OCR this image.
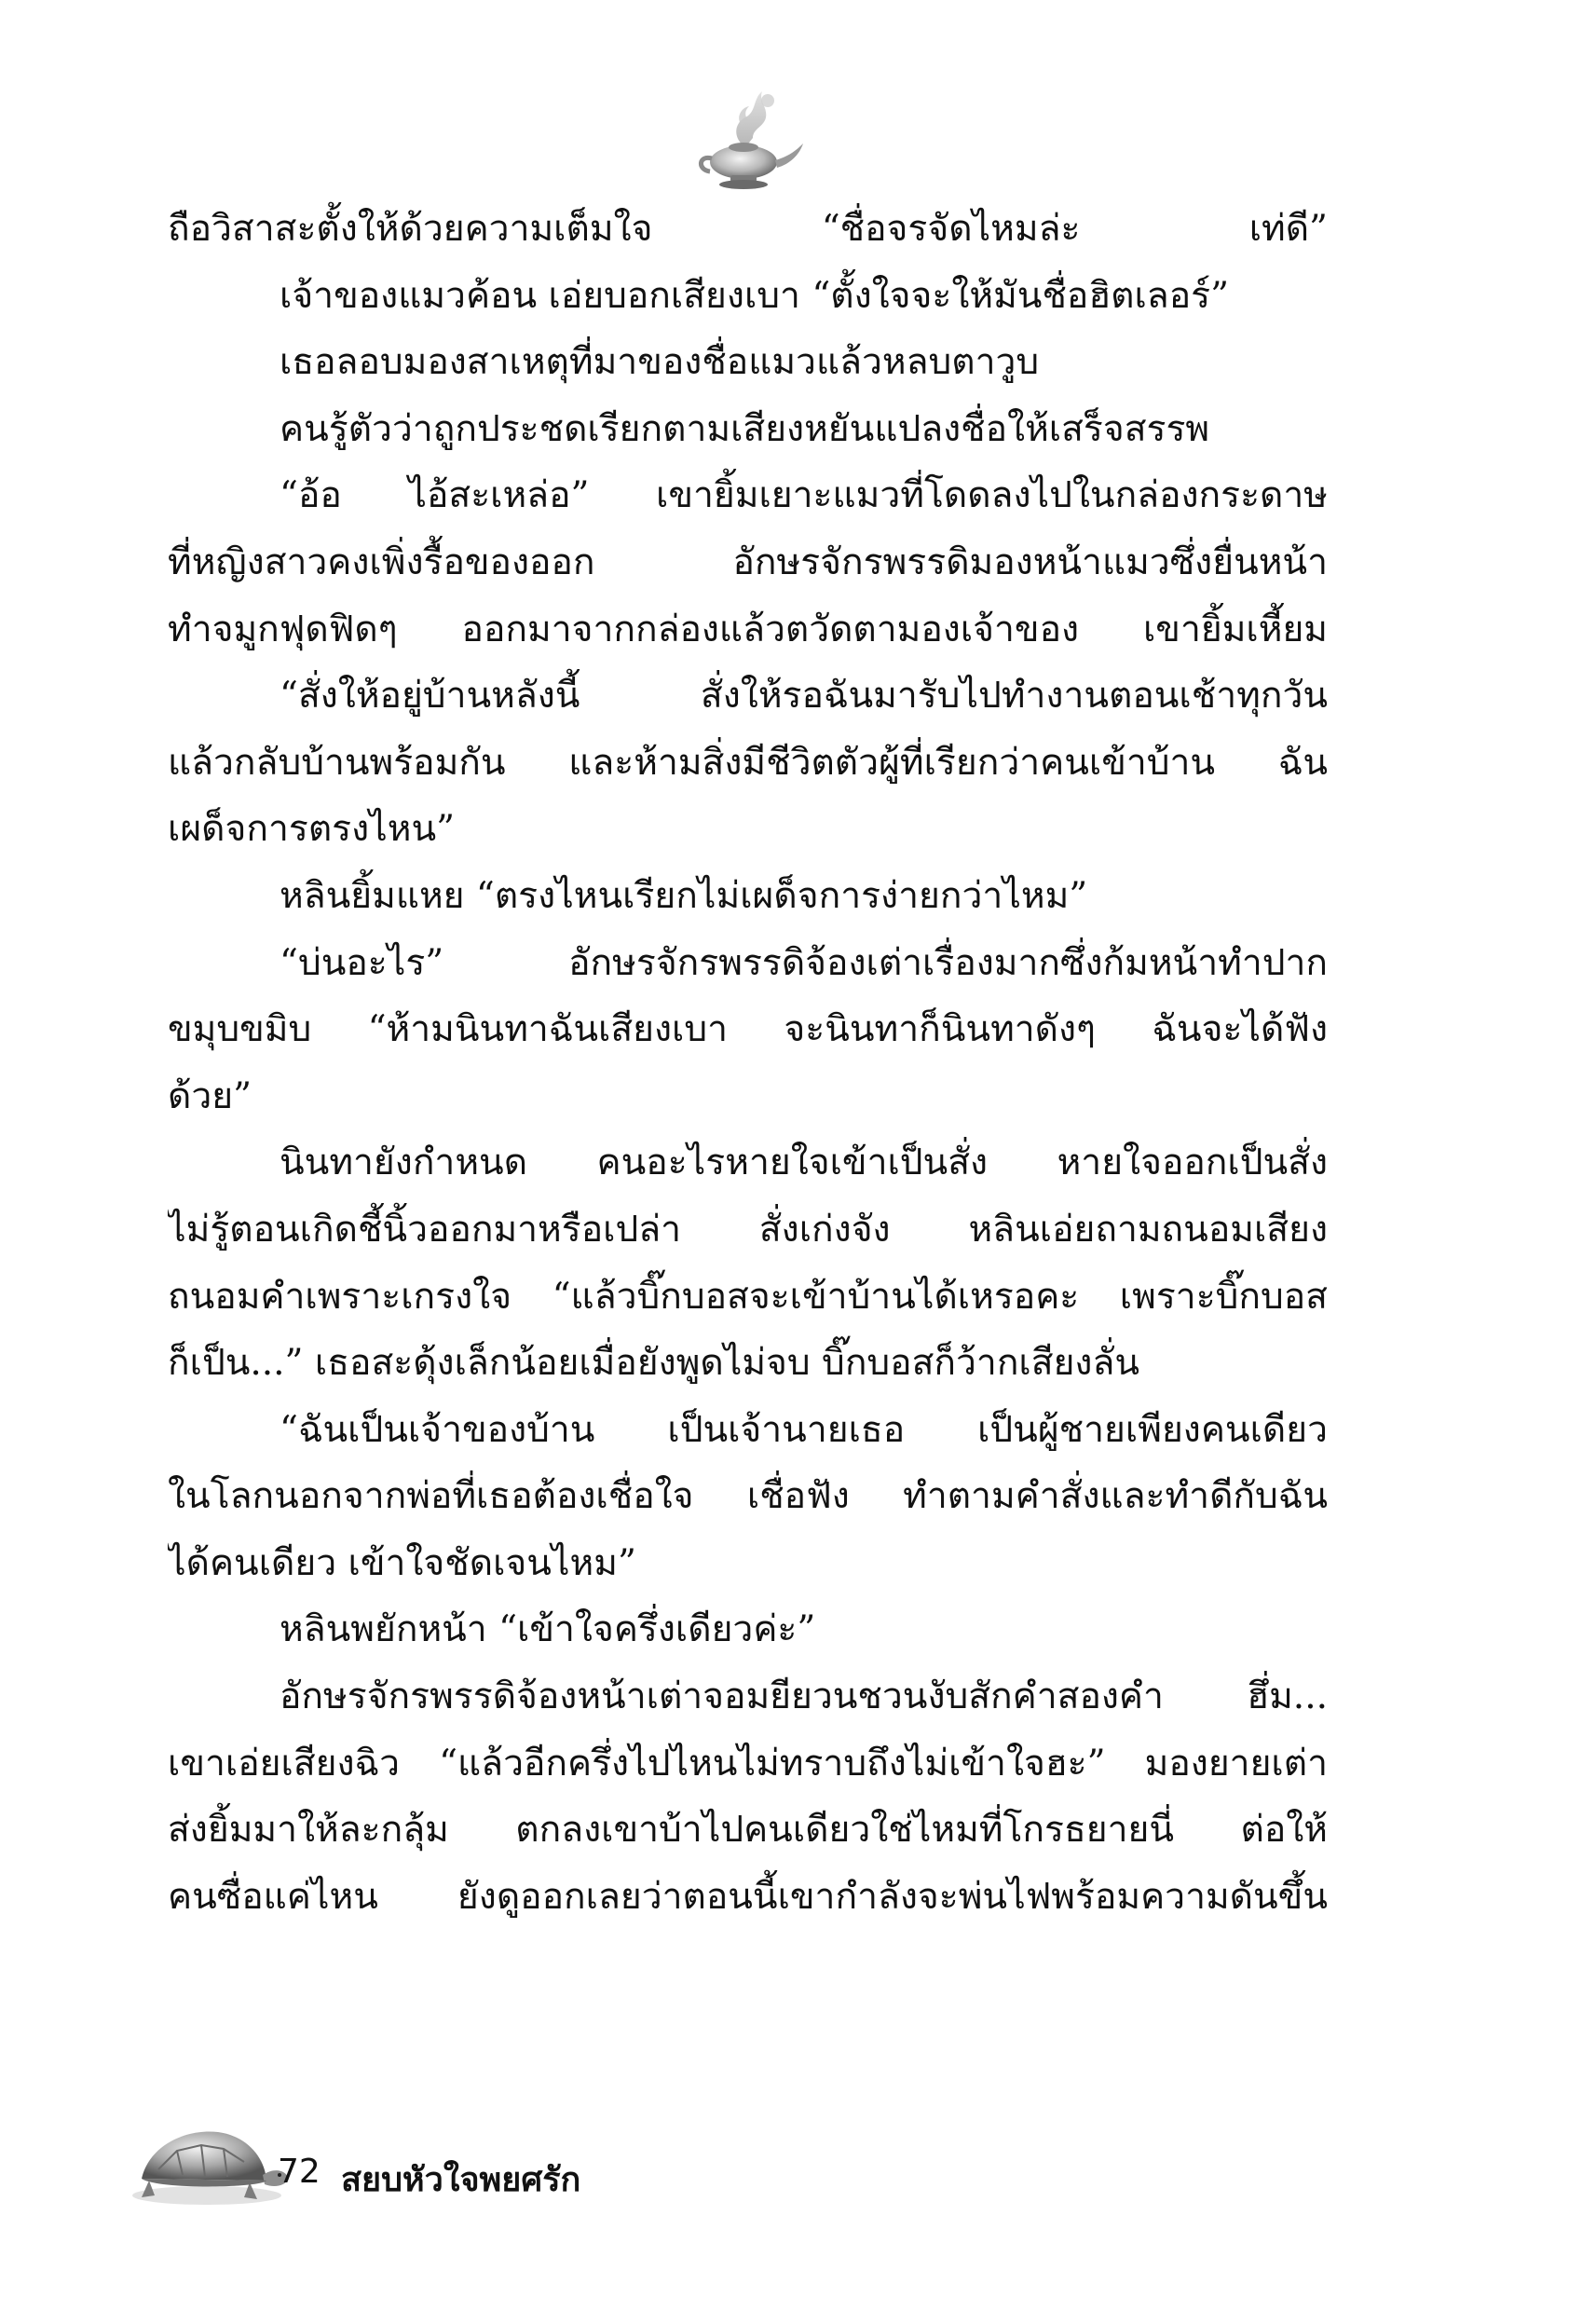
ถือวิสาสะตั้งให้ด้วยความเต็มใจ “ชื่อจรจัดไหมล่ะ เท่ดี”
เจ้าของแมวค้อน เอ่ยบอกเสียงเบา “ตั้งใจจะให้มันชื่อฮิตเลอร์”
เธอลอบมองสาเหตุที่มาของชื่อแมวแล้วหลบตาวูบ
คนรู้ตัวว่าถูกประชดเรียกตามเสียงหยันแปลงชื่อให้เสร็จสรรพ
“อ้อ ไอ้สะเหล่อ” เขายิ้มเยาะแมวที่โดดลงไปในกล่องกระดาษ
ที่หญิงสาวคงเพิ่งรื้อของออก อักษรจักรพรรดิมองหน้าแมวซึ่งยื่นหน้า
ทำจมูกฟุดฟิดๆ ออกมาจากกล่องแล้วตวัดตามองเจ้าของ เขายิ้มเหี้ยม
“สั่งให้อยู่บ้านหลังนี้ สั่งให้รอฉันมารับไปทำงานตอนเช้าทุกวัน
แล้วกลับบ้านพร้อมกัน และห้ามสิ่งมีชีวิตตัวผู้ที่เรียกว่าคนเข้าบ้าน ฉัน
เผด็จการตรงไหน”
หลินยิ้มแหย “ตรงไหนเรียกไม่เผด็จการง่ายกว่าไหม”
“บ่นอะไร” อักษรจักรพรรดิจ้องเต่าเรื่องมากซึ่งก้มหน้าทำปาก
ขมุบขมิบ “ห้ามนินทาฉันเสียงเบา จะนินทาก็นินทาดังๆ ฉันจะได้ฟัง
ด้วย”
นินทายังกำหนด คนอะไรหายใจเข้าเป็นสั่ง หายใจออกเป็นสั่ง
ไม่รู้ตอนเกิดชี้นิ้วออกมาหรือเปล่า สั่งเก่งจัง หลินเอ่ยถามถนอมเสียง
ถนอมคำเพราะเกรงใจ “แล้วบิ๊กบอสจะเข้าบ้านได้เหรอคะ เพราะบิ๊กบอส
ก็เป็น...” เธอสะดุ้งเล็กน้อยเมื่อยังพูดไม่จบ บิ๊กบอสก็ว้ากเสียงลั่น
“ฉันเป็นเจ้าของบ้าน เป็นเจ้านายเธอ เป็นผู้ชายเพียงคนเดียว
ในโลกนอกจากพ่อที่เธอต้องเชื่อใจ เชื่อฟัง ทำตามคำสั่งและทำดีกับฉัน
ได้คนเดียว เข้าใจชัดเจนไหม”
หลินพยักหน้า “เข้าใจครึ่งเดียวค่ะ”
อักษรจักรพรรดิจ้องหน้าเต่าจอมยียวนชวนงับสักคำสองคำ ฮึ่ม...
เขาเอ่ยเสียงฉิว “แล้วอีกครึ่งไปไหนไม่ทราบถึงไม่เข้าใจฮะ” มองยายเต่า
ส่งยิ้มมาให้ละกลุ้ม ตกลงเขาบ้าไปคนเดียวใช่ไหมที่โกรธยายนี่ ต่อให้
คนซื่อแค่ไหน ยังดูออกเลยว่าตอนนี้เขากำลังจะพ่นไฟพร้อมความดันขึ้น
72 สยบหัวใจพยศรัก
